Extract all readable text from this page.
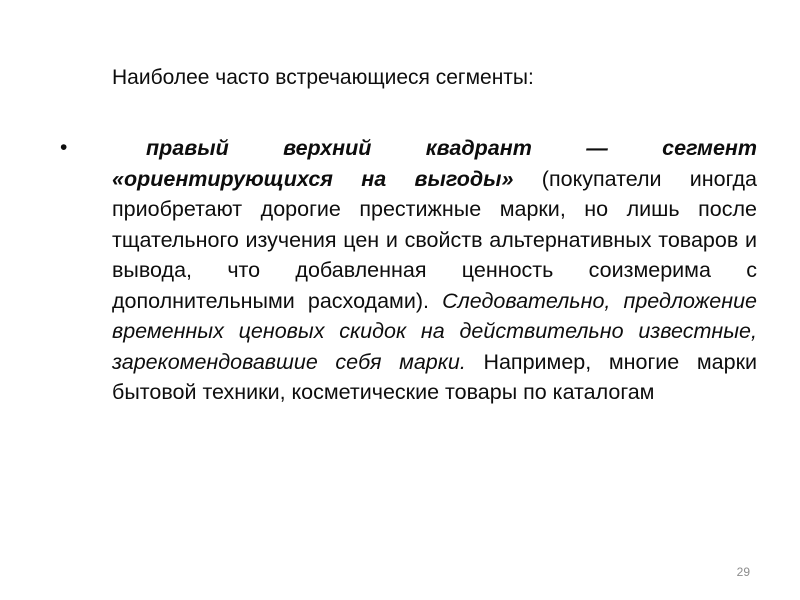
Наиболее часто встречающиеся сегменты:
•	правый верхний квадрант — сегмент «ориентирующихся на выгоды» (покупатели иногда приобретают дорогие престижные марки, но лишь после тщательного изучения цен и свойств альтернативных товаров и вывода, что добавленная ценность соизмерима с дополнительными расходами). Следовательно, предложение временных ценовых скидок на действительно известные, зарекомендовавшие себя марки. Например, многие марки бытовой техники, косметические товары по каталогам
29
